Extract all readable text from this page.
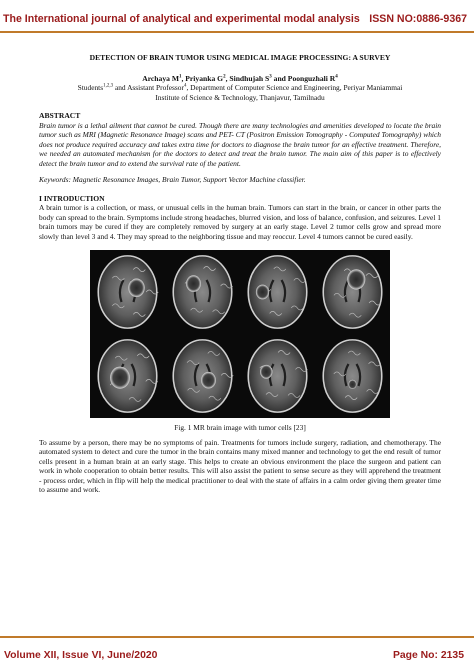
The International journal of analytical and experimental modal analysis ISSN NO:0886-9367
DETECTION OF BRAIN TUMOR USING MEDICAL IMAGE PROCESSING: A SURVEY
Archaya $M^1$, Priyanka $G^2$, Sindhujah $S^3$ and Poonguzhali $R^4$
Students$^{1,2,3}$ and Assistant Professor$^4$, Department of Computer Science and Engineering, Periyar Maniammai
Institute of Science & Technology, Thanjavur, Tamilnadu
ABSTRACT
Brain tumor is a lethal ailment that cannot be cured. Though there are many technologies and amenities developed to locate the brain tumor such as MRI (Magnetic Resonance Image) scans and PET- CT (Positron Emission Tomography - Computed Tomography) which does not produce required accuracy and takes extra time for doctors to diagnose the brain tumor for an effective treatment. Therefore, we needed an automated mechanism for the doctors to detect and treat the brain tumor. The main aim of this paper is to effectively detect the brain tumor and to extend the survival rate of the patient.
Keywords: Magnetic Resonance Images, Brain Tumor, Support Vector Machine classifier.
I INTRODUCTION
A brain tumor is a collection, or mass, or unusual cells in the human brain. Tumors can start in the brain, or cancer in other parts the body can spread to the brain. Symptoms include strong headaches, blurred vision, and loss of balance, confusion, and seizures. Level 1 brain tumors may be cured if they are completely removed by surgery at an early stage. Level 2 tumor cells grow and spread more slowly than level 3 and 4. They may spread to the neighboring tissue and may reoccur. Level 4 tumors cannot be cured easily.
Fig. 1 MR brain image with tumor cells [23]
To assume by a person, there may be no symptoms of pain. Treatments for tumors include surgery, radiation, and chemotherapy. The automated system to detect and cure the tumor in the brain contains many mixed manner and technology to get the end result of tumor cells present in a human brain at an early stage. This helps to create an obvious environment the place the surgeon and patient can work in whole cooperation to obtain better results. This will also assist the patient to sense secure as they will apprehend the treatment - process order, which in flip will help the medical practitioner to deal with the state of affairs in a calm order giving them greater time to assume and work.
Volume XII, Issue VI, June/2020	Page No: 2135
